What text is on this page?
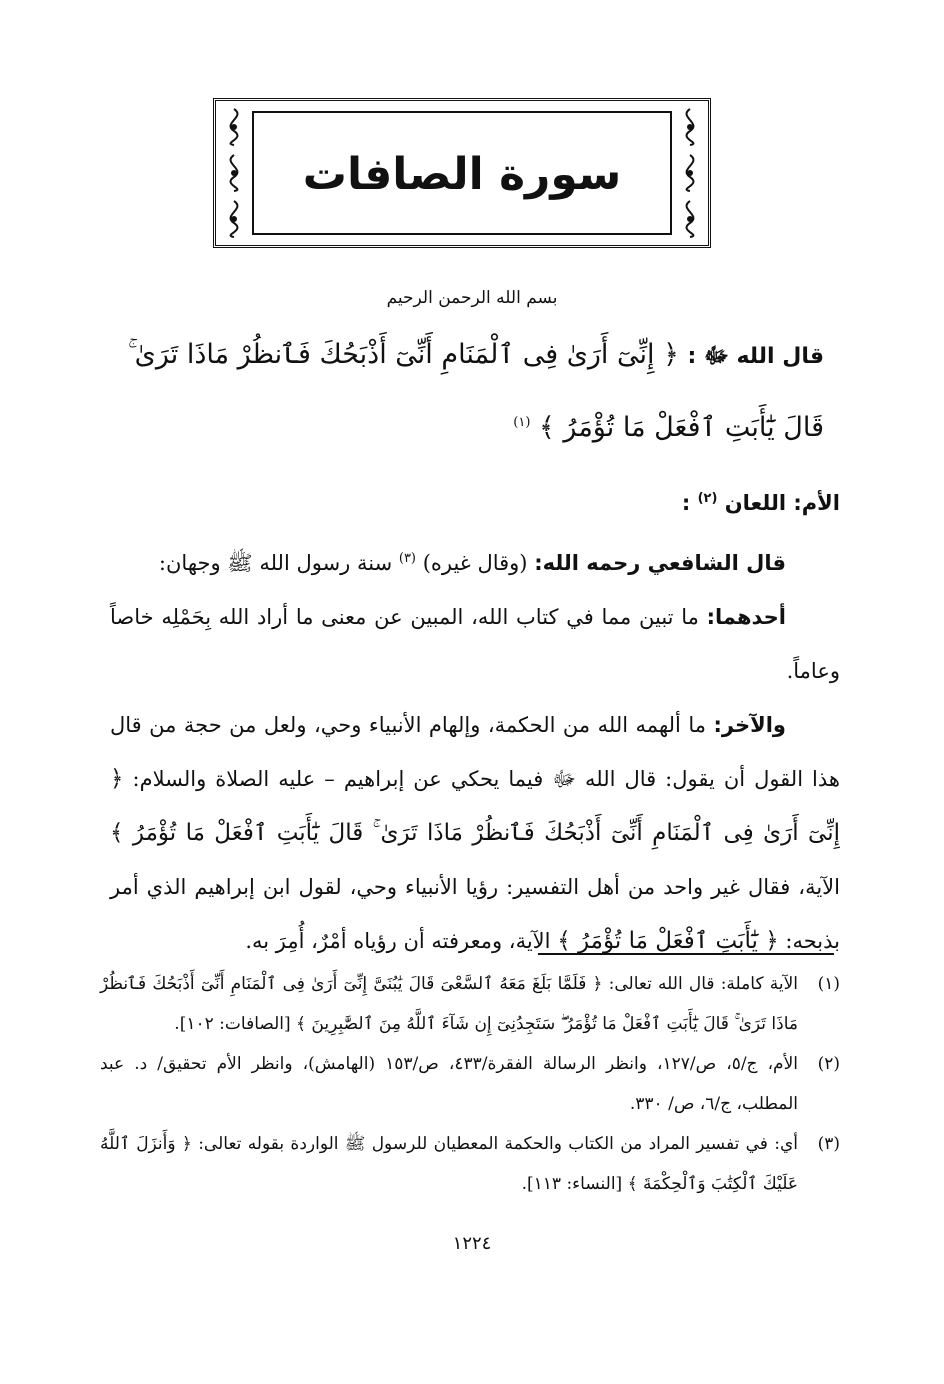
سورة الصافات
بسم الله الرحمن الرحيم
قال الله ﷻ : ﴿ إِنِّىٓ أَرَىٰ فِى ٱلْمَنَامِ أَنِّىٓ أَذْبَحُكَ فَٱنظُرْ مَاذَا تَرَىٰ ۚ قَالَ يَٰٓأَبَتِ ٱفْعَلْ مَا تُؤْمَرُ ﴾ $^{(١)}$
الأم: اللعان $^{(٢)}$ :

قال الشافعي رحمه الله: (وقال غيره) $^{(٣)}$ سنة رسول الله ﷺ وجهان:

أحدهما: ما تبين مما في كتاب الله، المبين عن معنى ما أراد الله بِحَمْلِه خاصاً وعاماً.

والآخر: ما ألهمه الله من الحكمة، وإلهام الأنبياء وحي، ولعل من حجة من قال هذا القول أن يقول: قال الله ﷻ فيما يحكي عن إبراهيم – عليه الصلاة والسلام: ﴿ إِنِّىٓ أَرَىٰ فِى ٱلْمَنَامِ أَنِّىٓ أَذْبَحُكَ فَٱنظُرْ مَاذَا تَرَىٰ ۚ قَالَ يَٰٓأَبَتِ ٱفْعَلْ مَا تُؤْمَرُ ﴾ الآية، فقال غير واحد من أهل التفسير: رؤيا الأنبياء وحي، لقول ابن إبراهيم الذي أمر بذبحه: ﴿ يَٰٓأَبَتِ ٱفْعَلْ مَا تُؤْمَرُ ﴾ الآية، ومعرفته أن رؤياه أمْرٌ، أُمِرَ به.

(١)
الآية كاملة: قال الله تعالى: ﴿ فَلَمَّا بَلَغَ مَعَهُ ٱلسَّعْىَ قَالَ يَٰبُنَىَّ إِنِّىٓ أَرَىٰ فِى ٱلْمَنَامِ أَنِّىٓ أَذْبَحُكَ فَٱنظُرْ مَاذَا تَرَىٰ ۚ قَالَ يَٰٓأَبَتِ ٱفْعَلْ مَا تُؤْمَرُ ۖ سَتَجِدُنِىٓ إِن شَآءَ ٱللَّهُ مِنَ ٱلصَّٰبِرِينَ ﴾ [الصافات: ١٠٢].
(٢)
الأم، ج/٥، ص/١٢٧، وانظر الرسالة الفقرة/٤٣٣، ص/١٥٣ (الهامش)، وانظر الأم تحقيق/ د. عبد المطلب، ج/٦، ص/ ٣٣٠.
(٣)
أي: في تفسير المراد من الكتاب والحكمة المعطيان للرسول ﷺ الواردة بقوله تعالى: ﴿ وَأَنزَلَ ٱللَّهُ عَلَيْكَ ٱلْكِتَٰبَ وَٱلْحِكْمَةَ ﴾ [النساء: ١١٣].
١٢٢٤
